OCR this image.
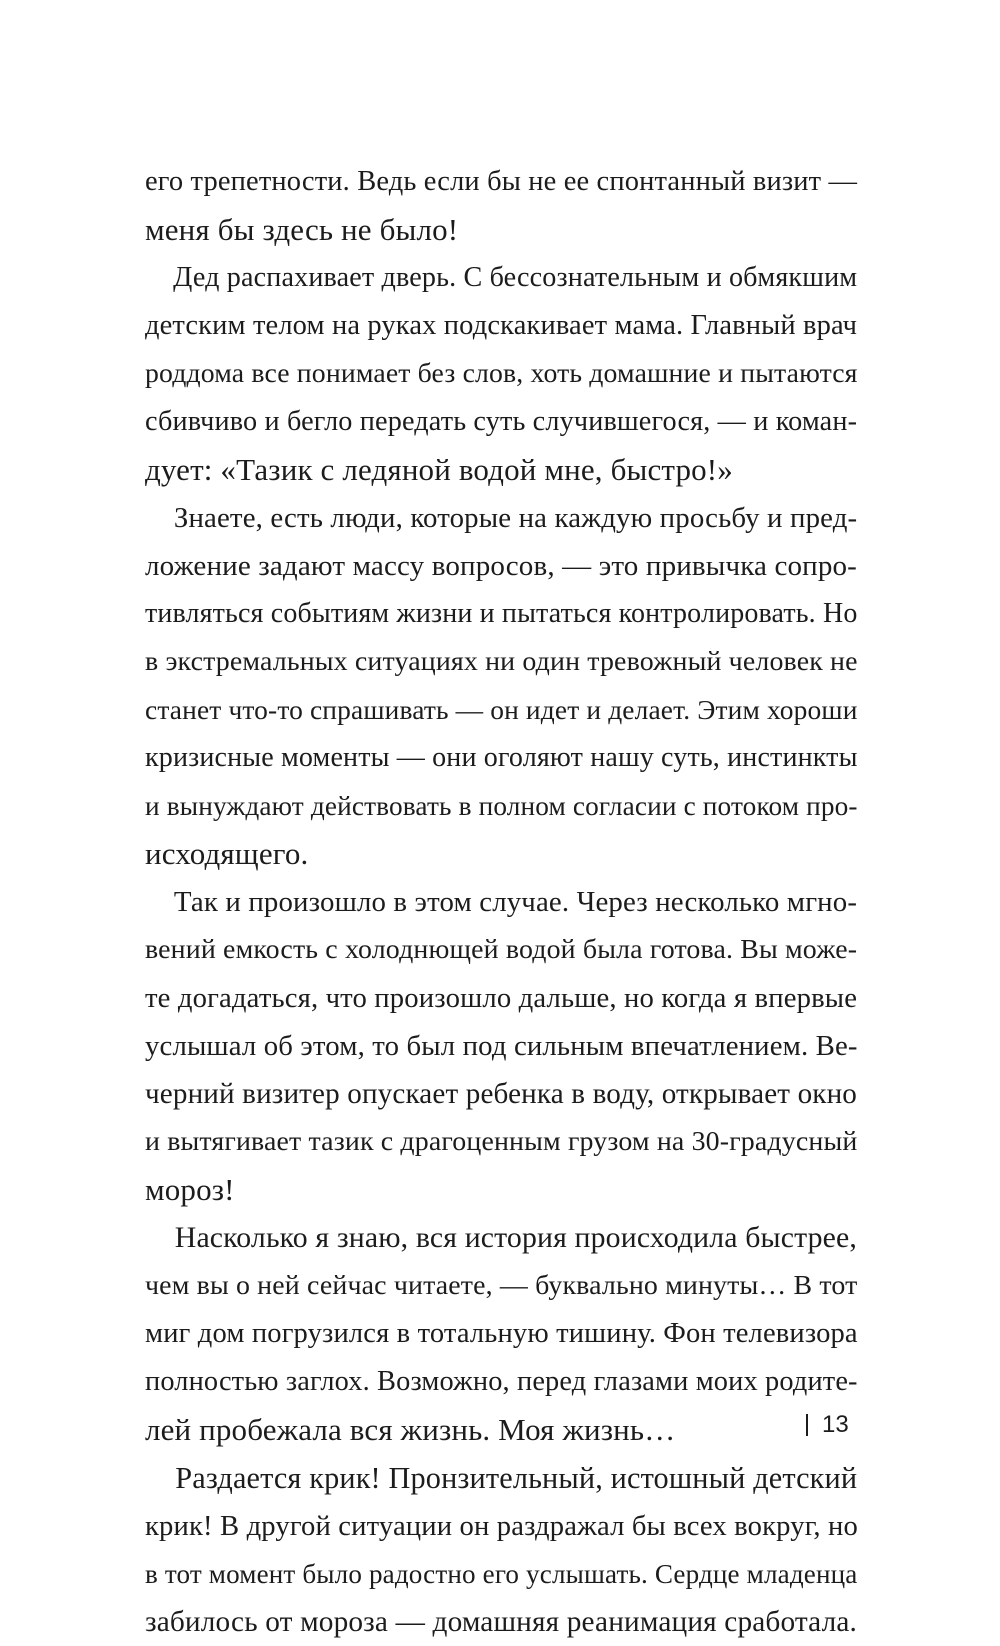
его трепетности. Ведь если бы не ее спонтанный визит —
меня бы здесь не было!
Дед распахивает дверь. С бессознательным и обмякшим
детским телом на руках подскакивает мама. Главный врач
роддома все понимает без слов, хоть домашние и пытаются
сбивчиво и бегло передать суть случившегося, — и коман-
дует: «Тазик с ледяной водой мне, быстро!»
Знаете, есть люди, которые на каждую просьбу и пред-
ложение задают массу вопросов, — это привычка сопро-
тивляться событиям жизни и пытаться контролировать. Но
в экстремальных ситуациях ни один тревожный человек не
станет что-то спрашивать — он идет и делает. Этим хороши
кризисные моменты — они оголяют нашу суть, инстинкты
и вынуждают действовать в полном согласии с потоком про-
исходящего.
Так и произошло в этом случае. Через несколько мгно-
вений емкость с холоднющей водой была готова. Вы може-
те догадаться, что произошло дальше, но когда я впервые
услышал об этом, то был под сильным впечатлением. Ве-
черний визитер опускает ребенка в воду, открывает окно
и вытягивает тазик с драгоценным грузом на 30-градусный
мороз!
Насколько я знаю, вся история происходила быстрее,
чем вы о ней сейчас читаете, — буквально минуты… В тот
миг дом погрузился в тотальную тишину. Фон телевизора
полностью заглох. Возможно, перед глазами моих родите-
лей пробежала вся жизнь. Моя жизнь…
Раздается крик! Пронзительный, истошный детский
крик! В другой ситуации он раздражал бы всех вокруг, но
в тот момент было радостно его услышать. Сердце младенца
забилось от мороза — домашняя реанимация сработала.
13
